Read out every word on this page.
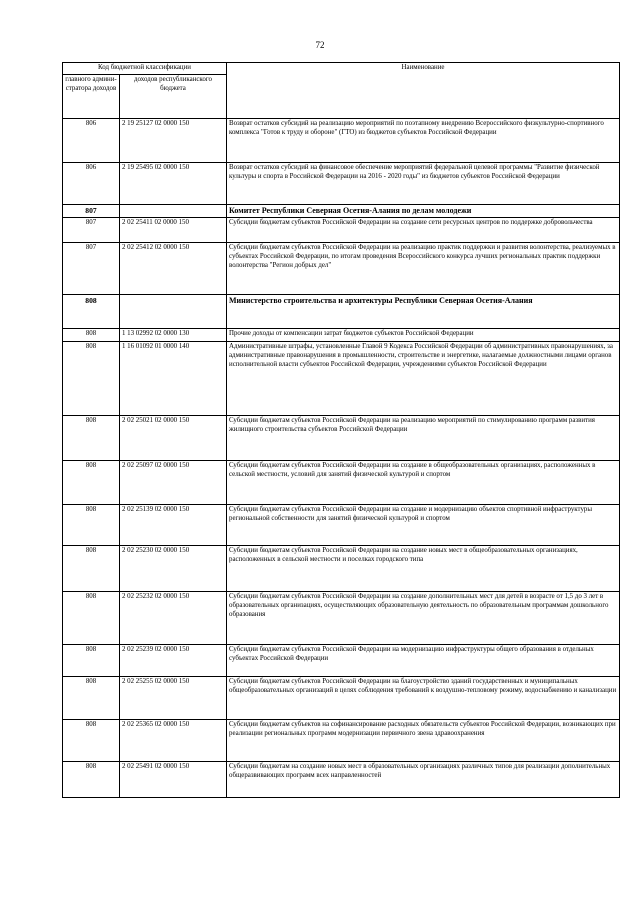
72
Код бюджетной классификации		Наименование
главного админи-стратора доходов	доходов республиканского бюджета	
806	2 19 25127 02 0000 150	Возврат остатков субсидий на реализацию мероприятий по поэтапному внедрению Всероссийского физкультурно-спортивного комплекса "Готов к труду и обороне" (ГТО) из бюджетов субъектов Российской Федерации
806	2 19 25495 02 0000 150	Возврат остатков субсидий на финансовое обеспечение мероприятий федеральной целевой программы "Развитие физической культуры и спорта в Российской Федерации на 2016 - 2020 годы" из бюджетов субъектов Российской Федерации
807		Комитет Республики Северная Осетия-Алания по делам молодежи
807	2 02 25411 02 0000 150	Субсидии бюджетам субъектов Российской Федерации на создание сети ресурсных центров по поддержке добровольчества
807	2 02 25412 02 0000 150	Субсидии бюджетам субъектов Российской Федерации на реализацию практик поддержки и развития волонтерства, реализуемых в субъектах Российской Федерации, по итогам проведения Всероссийского конкурса лучших региональных практик поддержки волонтерства "Регион добрых дел"
808		Министерство строительства и архитектуры Республики Северная Осетия-Алания
808	1 13 02992 02 0000 130	Прочие доходы от компенсации затрат бюджетов субъектов Российской Федерации
808	1 16 01092 01 0000 140	Административные штрафы, установленные Главой 9 Кодекса Российской Федерации об административных правонарушениях, за административные правонарушения в промышленности, строительстве и энергетике, налагаемые должностными лицами органов исполнительной власти субъектов Российской Федерации, учреждениями субъектов Российской Федерации
808	2 02 25021 02 0000 150	Субсидии бюджетам субъектов Российской Федерации на реализацию мероприятий по стимулированию программ развития жилищного строительства субъектов Российской Федерации
808	2 02 25097 02 0000 150	Субсидии бюджетам субъектов Российской Федерации на создание в общеобразовательных организациях, расположенных в сельской местности, условий для занятий физической культурой и спортом
808	2 02 25139 02 0000 150	Субсидии бюджетам субъектов Российской Федерации на создание и модернизацию объектов спортивной инфраструктуры региональной собственности для занятий физической культурой и спортом
808	2 02 25230 02 0000 150	Субсидии бюджетам субъектов Российской Федерации на создание новых мест в общеобразовательных организациях, расположенных в сельской местности и поселках городского типа
808	2 02 25232 02 0000 150	Субсидии бюджетам субъектов Российской Федерации на создание дополнительных мест для детей в возрасте от 1,5 до 3 лет в образовательных организациях, осуществляющих образовательную деятельность по образовательным программам дошкольного образования
808	2 02 25239 02 0000 150	Субсидии бюджетам субъектов Российской Федерации на модернизацию инфраструктуры общего образования в отдельных субъектах Российской Федерации
808	2 02 25255 02 0000 150	Субсидии бюджетам субъектов Российской Федерации на благоустройство зданий государственных и муниципальных общеобразовательных организаций в целях соблюдения требований к воздушно-тепловому режиму, водоснабжению и канализации
808	2 02 25365 02 0000 150	Субсидии бюджетам субъектов на софинансирование расходных обязательств субъектов Российской Федерации, возникающих при реализации региональных программ модернизации первичного звена здравоохранения
808	2 02 25491 02 0000 150	Субсидии бюджетам на создание новых мест в образовательных организациях различных типов для реализации дополнительных общеразвивающих программ всех направленностей
